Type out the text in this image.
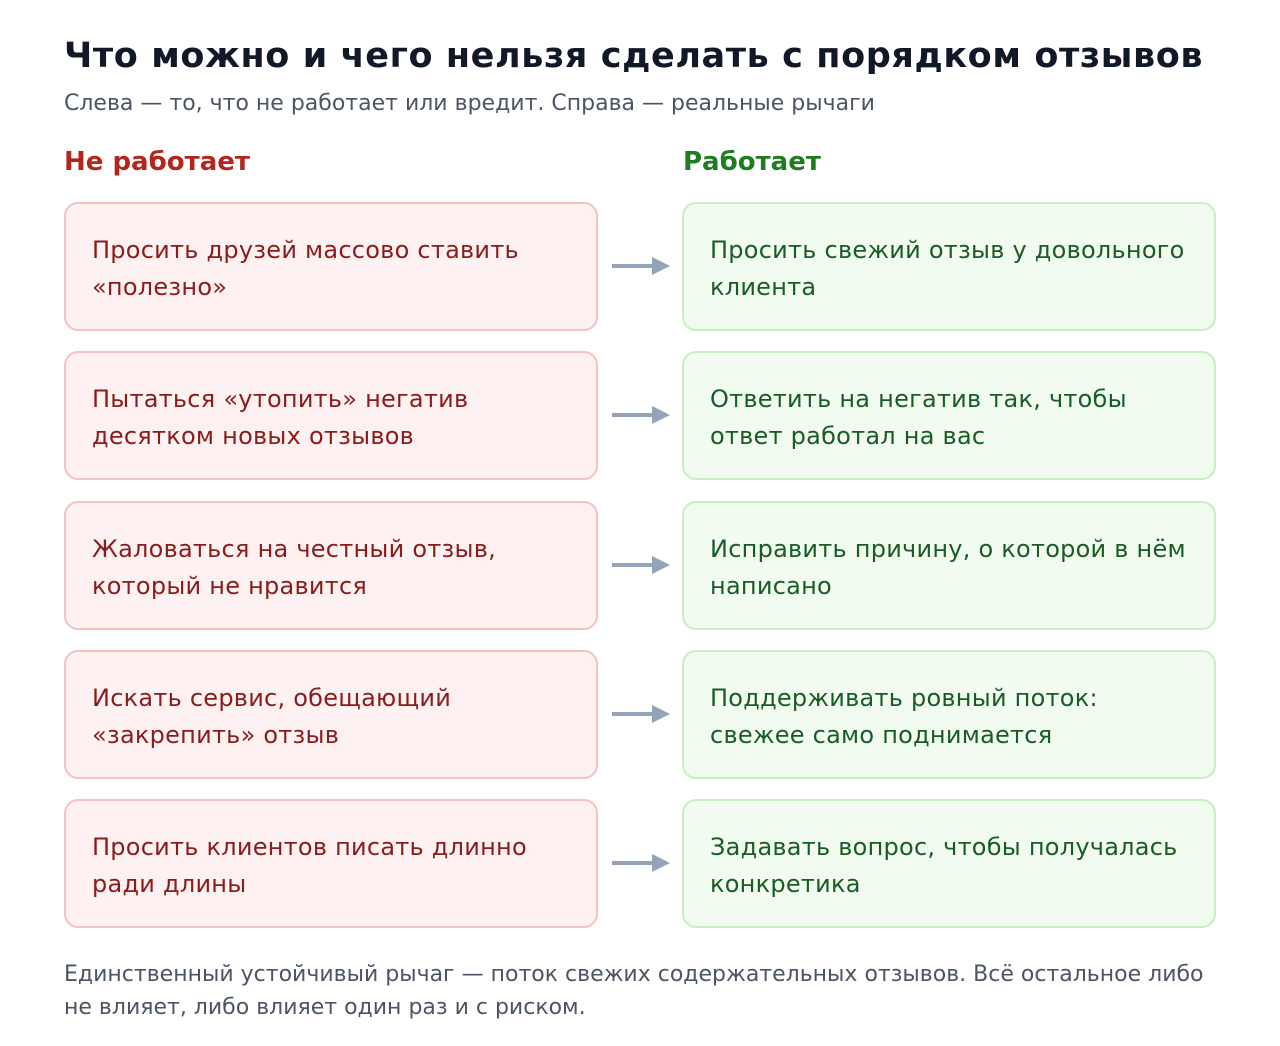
Что можно и чего нельзя сделать с порядком отзывов

Слева — то, что не работает или вредит. Справа — реальные рычаги

Не работает	Работает
Просить друзей массово ставить «полезно»
Просить свежий отзыв у довольного клиента
Пытаться «утопить» негатив десятком новых отзывов
Ответить на негатив так, чтобы ответ работал на вас
Жаловаться на честный отзыв, который не нравится
Исправить причину, о которой в нём написано
Искать сервис, обещающий «закрепить» отзыв
Поддерживать ровный поток: свежее само поднимается
Просить клиентов писать длинно ради длины
Задавать вопрос, чтобы получалась конкретика

Единственный устойчивый рычаг — поток свежих содержательных отзывов. Всё остальное либо не влияет, либо влияет один раз и с риском.
